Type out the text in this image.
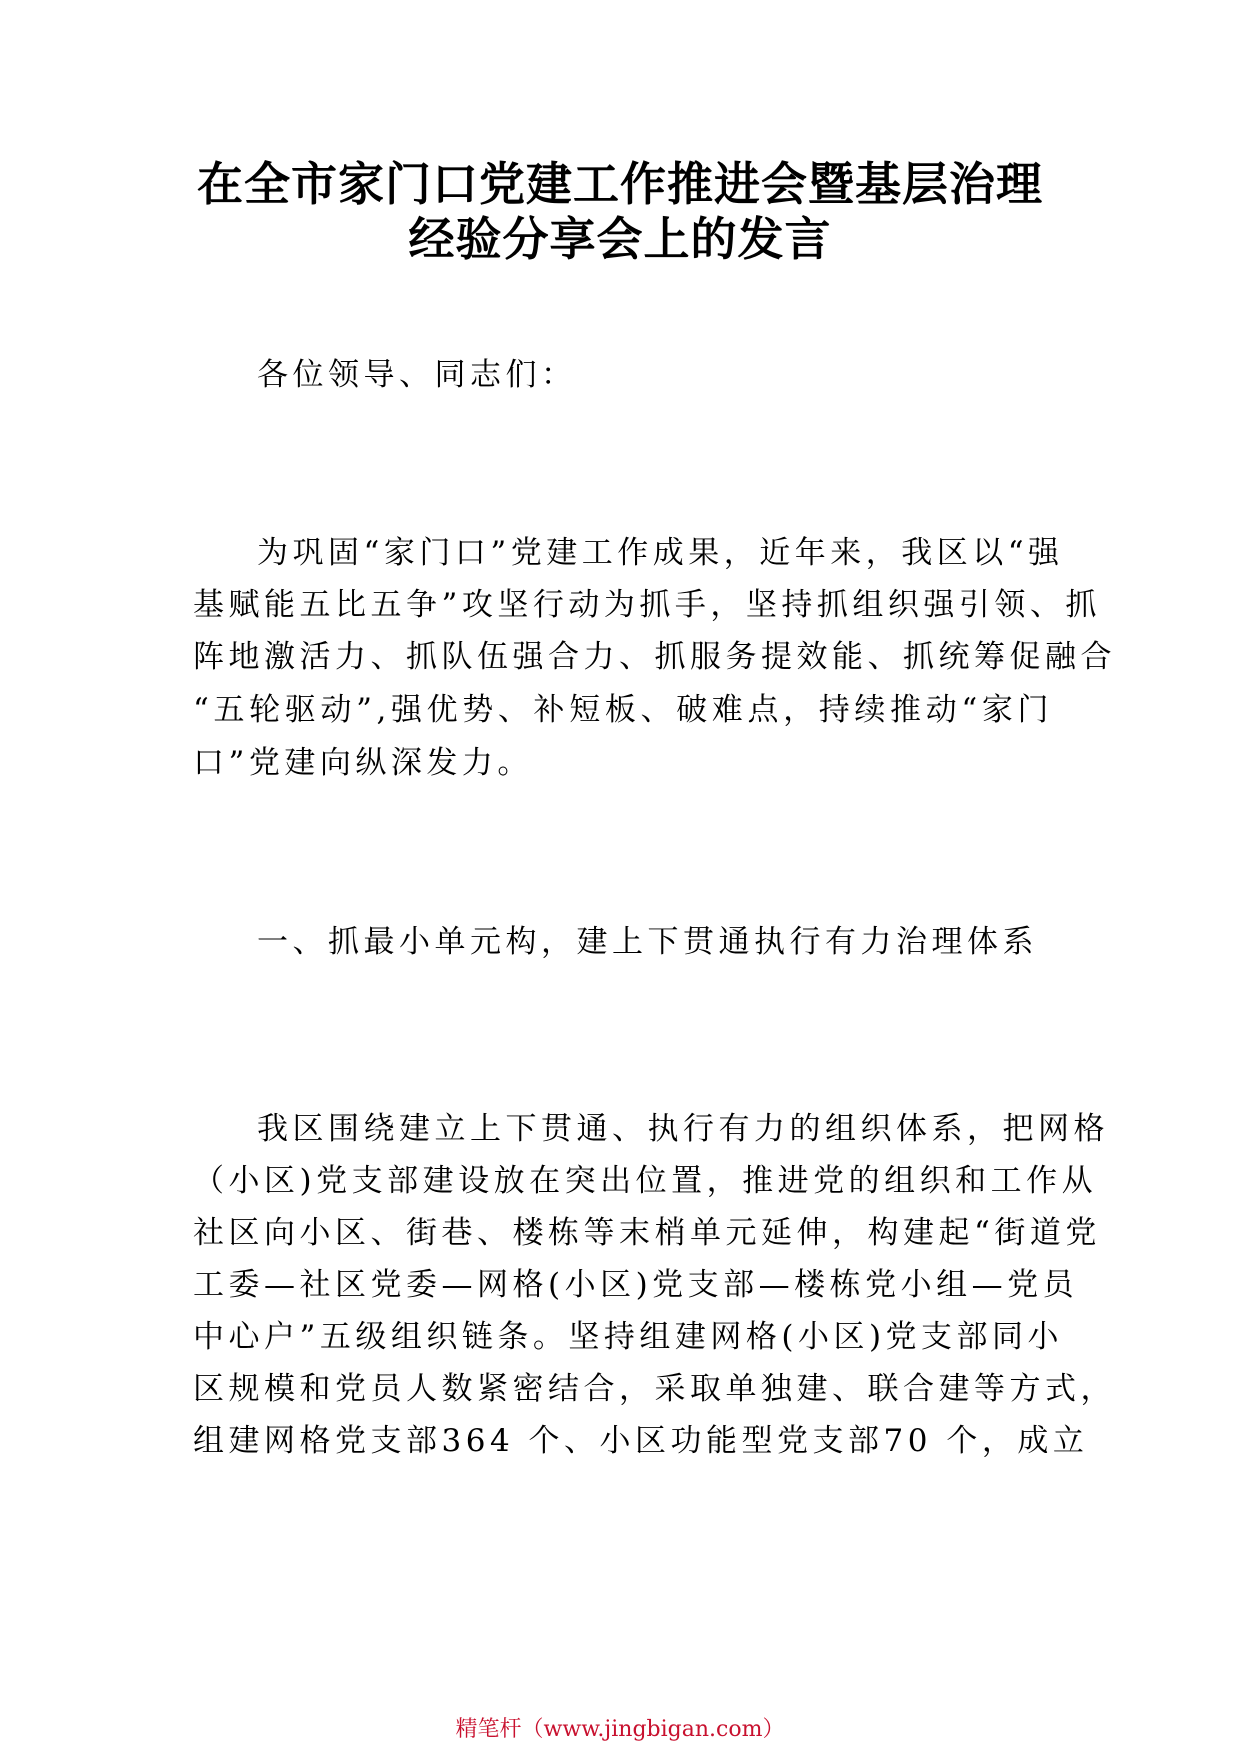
在全市家门口党建工作推进会暨基层治理
经验分享会上的发言
各位领导、同志们：
为巩固“家门口”党建工作成果，近年来，我区以“强
基赋能五比五争”攻坚行动为抓手，坚持抓组织强引领、抓
阵地激活力、抓队伍强合力、抓服务提效能、抓统筹促融合
“五轮驱动”,强优势、补短板、破难点，持续推动“家门
口”党建向纵深发力。
一、抓最小单元构，建上下贯通执行有力治理体系
我区围绕建立上下贯通、执行有力的组织体系，把网格
（小区)党支部建设放在突出位置，推进党的组织和工作从
社区向小区、街巷、楼栋等末梢单元延伸，构建起“街道党
工委—社区党委—网格(小区)党支部—楼栋党小组—党员
中心户”五级组织链条。坚持组建网格(小区)党支部同小
区规模和党员人数紧密结合，采取单独建、联合建等方式，
组建网格党支部364 个、小区功能型党支部70 个，成立
精笔杆（www.jingbigan.com）
